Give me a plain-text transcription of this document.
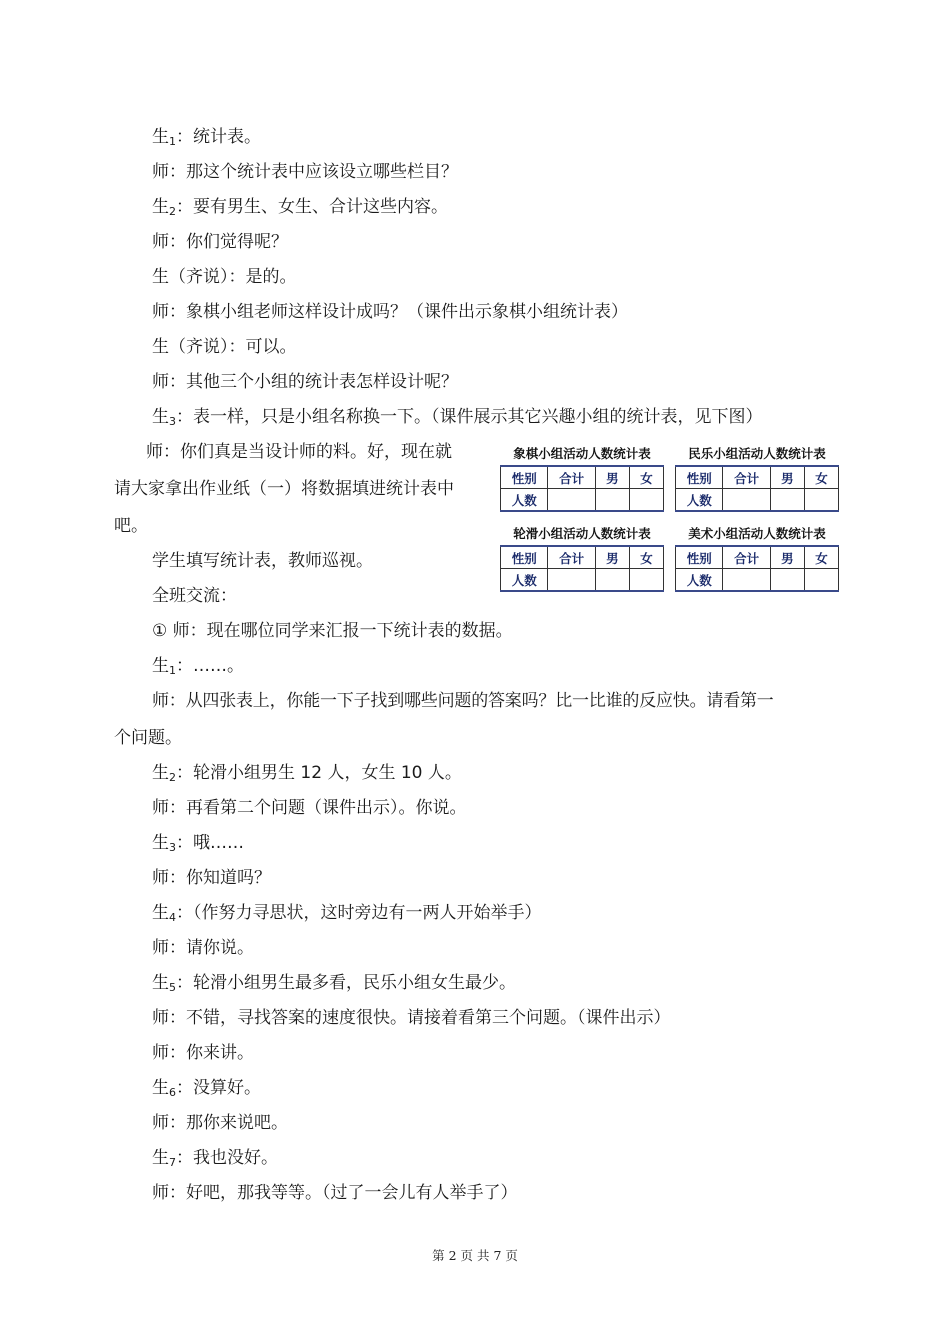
生$_1$：统计表。
师：那这个统计表中应该设立哪些栏目？
生$_2$：要有男生、女生、合计这些内容。
师：你们觉得呢？
生（齐说）：是的。
师：象棋小组老师这样设计成吗？（课件出示象棋小组统计表）
生（齐说）：可以。
师：其他三个小组的统计表怎样设计呢？
生$_3$：表一样，只是小组名称换一下。（课件展示其它兴趣小组的统计表，见下图）
师：你们真是当设计师的料。好，现在就
请大家拿出作业纸（一）将数据填进统计表中
吧。
学生填写统计表，教师巡视。
全班交流：
① 师：现在哪位同学来汇报一下统计表的数据。
生$_1$：……。
师：从四张表上，你能一下子找到哪些问题的答案吗？比一比谁的反应快。请看第一
个问题。
生$_2$：轮滑小组男生 12 人，女生 10 人。
师：再看第二个问题（课件出示）。你说。
生$_3$：哦……
师：你知道吗？
生$_4$：（作努力寻思状，这时旁边有一两人开始举手）
师：请你说。
生$_5$：轮滑小组男生最多看，民乐小组女生最少。
师：不错，寻找答案的速度很快。请接着看第三个问题。（课件出示）
师：你来讲。
生$_6$：没算好。
师：那你来说吧。
生$_7$：我也没好。
师：好吧，那我等等。（过了一会儿有人举手了）
象棋小组活动人数统计表
性别	合计	男	女
人数			
民乐小组活动人数统计表
性别	合计	男	女
人数			
轮滑小组活动人数统计表
性别	合计	男	女
人数			
美术小组活动人数统计表
性别	合计	男	女
人数			
第 2 页 共 7 页
